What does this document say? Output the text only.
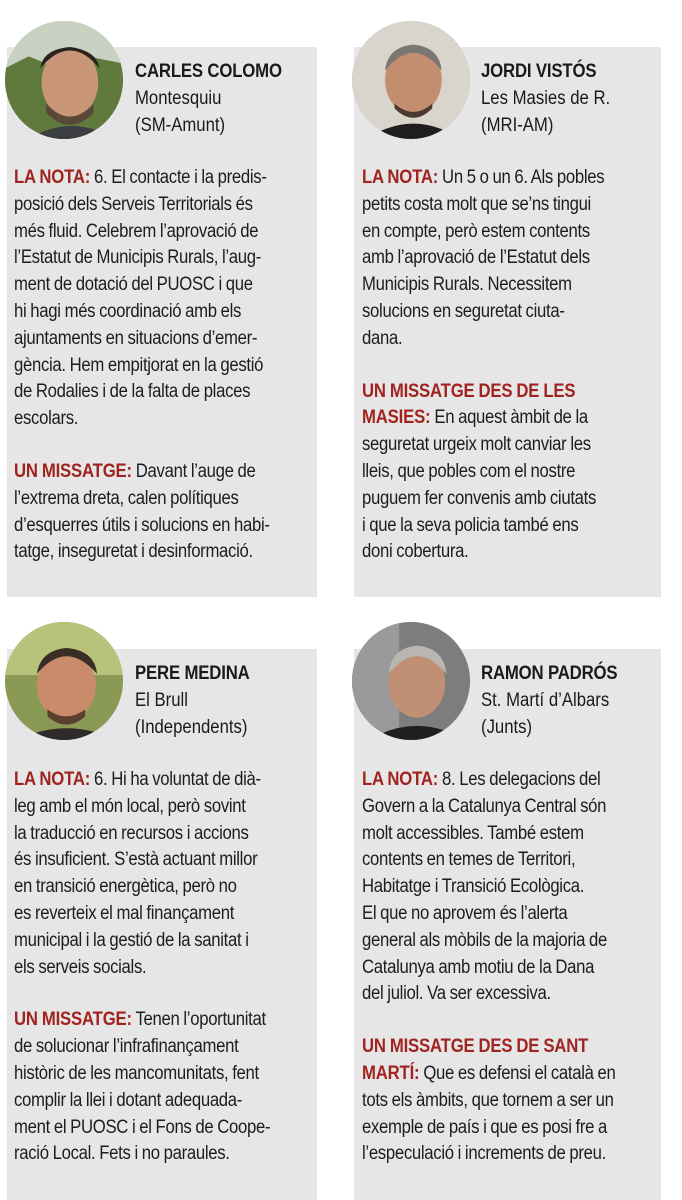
CARLES COLOMO
Montesquiu
(SM-Amunt)
LA NOTA: 6. El contacte i la predis-
posició dels Serveis Territorials és
més fluid. Celebrem l’aprovació de
l’Estatut de Municipis Rurals, l’aug-
ment de dotació del PUOSC i que
hi hagi més coordinació amb els
ajuntaments en situacions d’emer-
gència. Hem empitjorat en la gestió
de Rodalies i de la falta de places
escolars.
UN MISSATGE: Davant l’auge de
l’extrema dreta, calen polítiques
d’esquerres útils i solucions en habi-
tatge, inseguretat i desinformació.
JORDI VISTÓS
Les Masies de R.
(MRI-AM)
LA NOTA: Un 5 o un 6. Als pobles
petits costa molt que se’ns tingui
en compte, però estem contents
amb l’aprovació de l’Estatut dels
Municipis Rurals. Necessitem
solucions en seguretat ciuta-
dana.
UN MISSATGE DES DE LES
MASIES: En aquest àmbit de la
seguretat urgeix molt canviar les
lleis, que pobles com el nostre
puguem fer convenis amb ciutats
i que la seva policia també ens
doni cobertura.
PERE MEDINA
El Brull
(Independents)
LA NOTA: 6. Hi ha voluntat de dià-
leg amb el món local, però sovint
la traducció en recursos i accions
és insuficient. S’està actuant millor
en transició energètica, però no
es reverteix el mal finançament
municipal i la gestió de la sanitat i
els serveis socials.
UN MISSATGE: Tenen l’oportunitat
de solucionar l’infrafinançament
històric de les mancomunitats, fent
complir la llei i dotant adequada-
ment el PUOSC i el Fons de Coope-
ració Local. Fets i no paraules.
RAMON PADRÓS
St. Martí d’Albars
(Junts)
LA NOTA: 8. Les delegacions del
Govern a la Catalunya Central són
molt accessibles. També estem
contents en temes de Territori,
Habitatge i Transició Ecològica.
El que no aprovem és l’alerta
general als mòbils de la majoria de
Catalunya amb motiu de la Dana
del juliol. Va ser excessiva.
UN MISSATGE DES DE SANT
MARTÍ: Que es defensi el català en
tots els àmbits, que tornem a ser un
exemple de país i que es posi fre a
l’especulació i increments de preu.
